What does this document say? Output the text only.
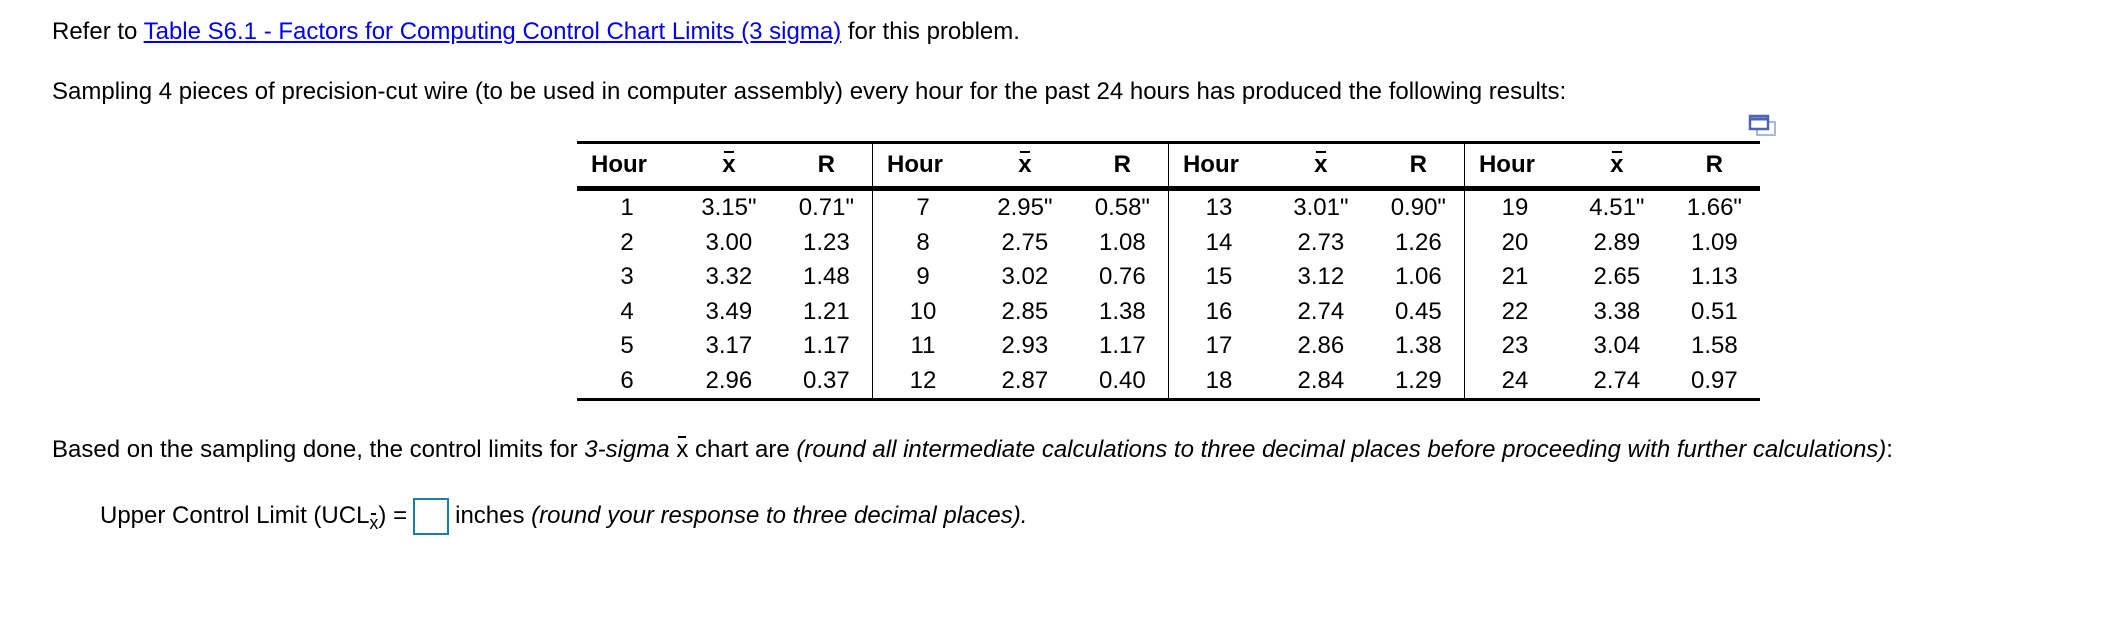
Refer to Table S6.1 - Factors for Computing Control Chart Limits (3 sigma) for this problem.
Sampling 4 pieces of precision-cut wire (to be used in computer assembly) every hour for the past 24 hours has produced the following results:
Hour	x	R	Hour	x	R	Hour	x	R	Hour	x	R
1	3.15"	0.71"	7	2.95"	0.58"	13	3.01"	0.90"	19	4.51"	1.66"
2	3.00	1.23	8	2.75	1.08	14	2.73	1.26	20	2.89	1.09
3	3.32	1.48	9	3.02	0.76	15	3.12	1.06	21	2.65	1.13
4	3.49	1.21	10	2.85	1.38	16	2.74	0.45	22	3.38	0.51
5	3.17	1.17	11	2.93	1.17	17	2.86	1.38	23	3.04	1.58
6	2.96	0.37	12	2.87	0.40	18	2.84	1.29	24	2.74	0.97
Based on the sampling done, the control limits for 3-sigma x chart are (round all intermediate calculations to three decimal places before proceeding with further calculations):
Upper Control Limit $(UCL_x)$ = inches (round your response to three decimal places).
